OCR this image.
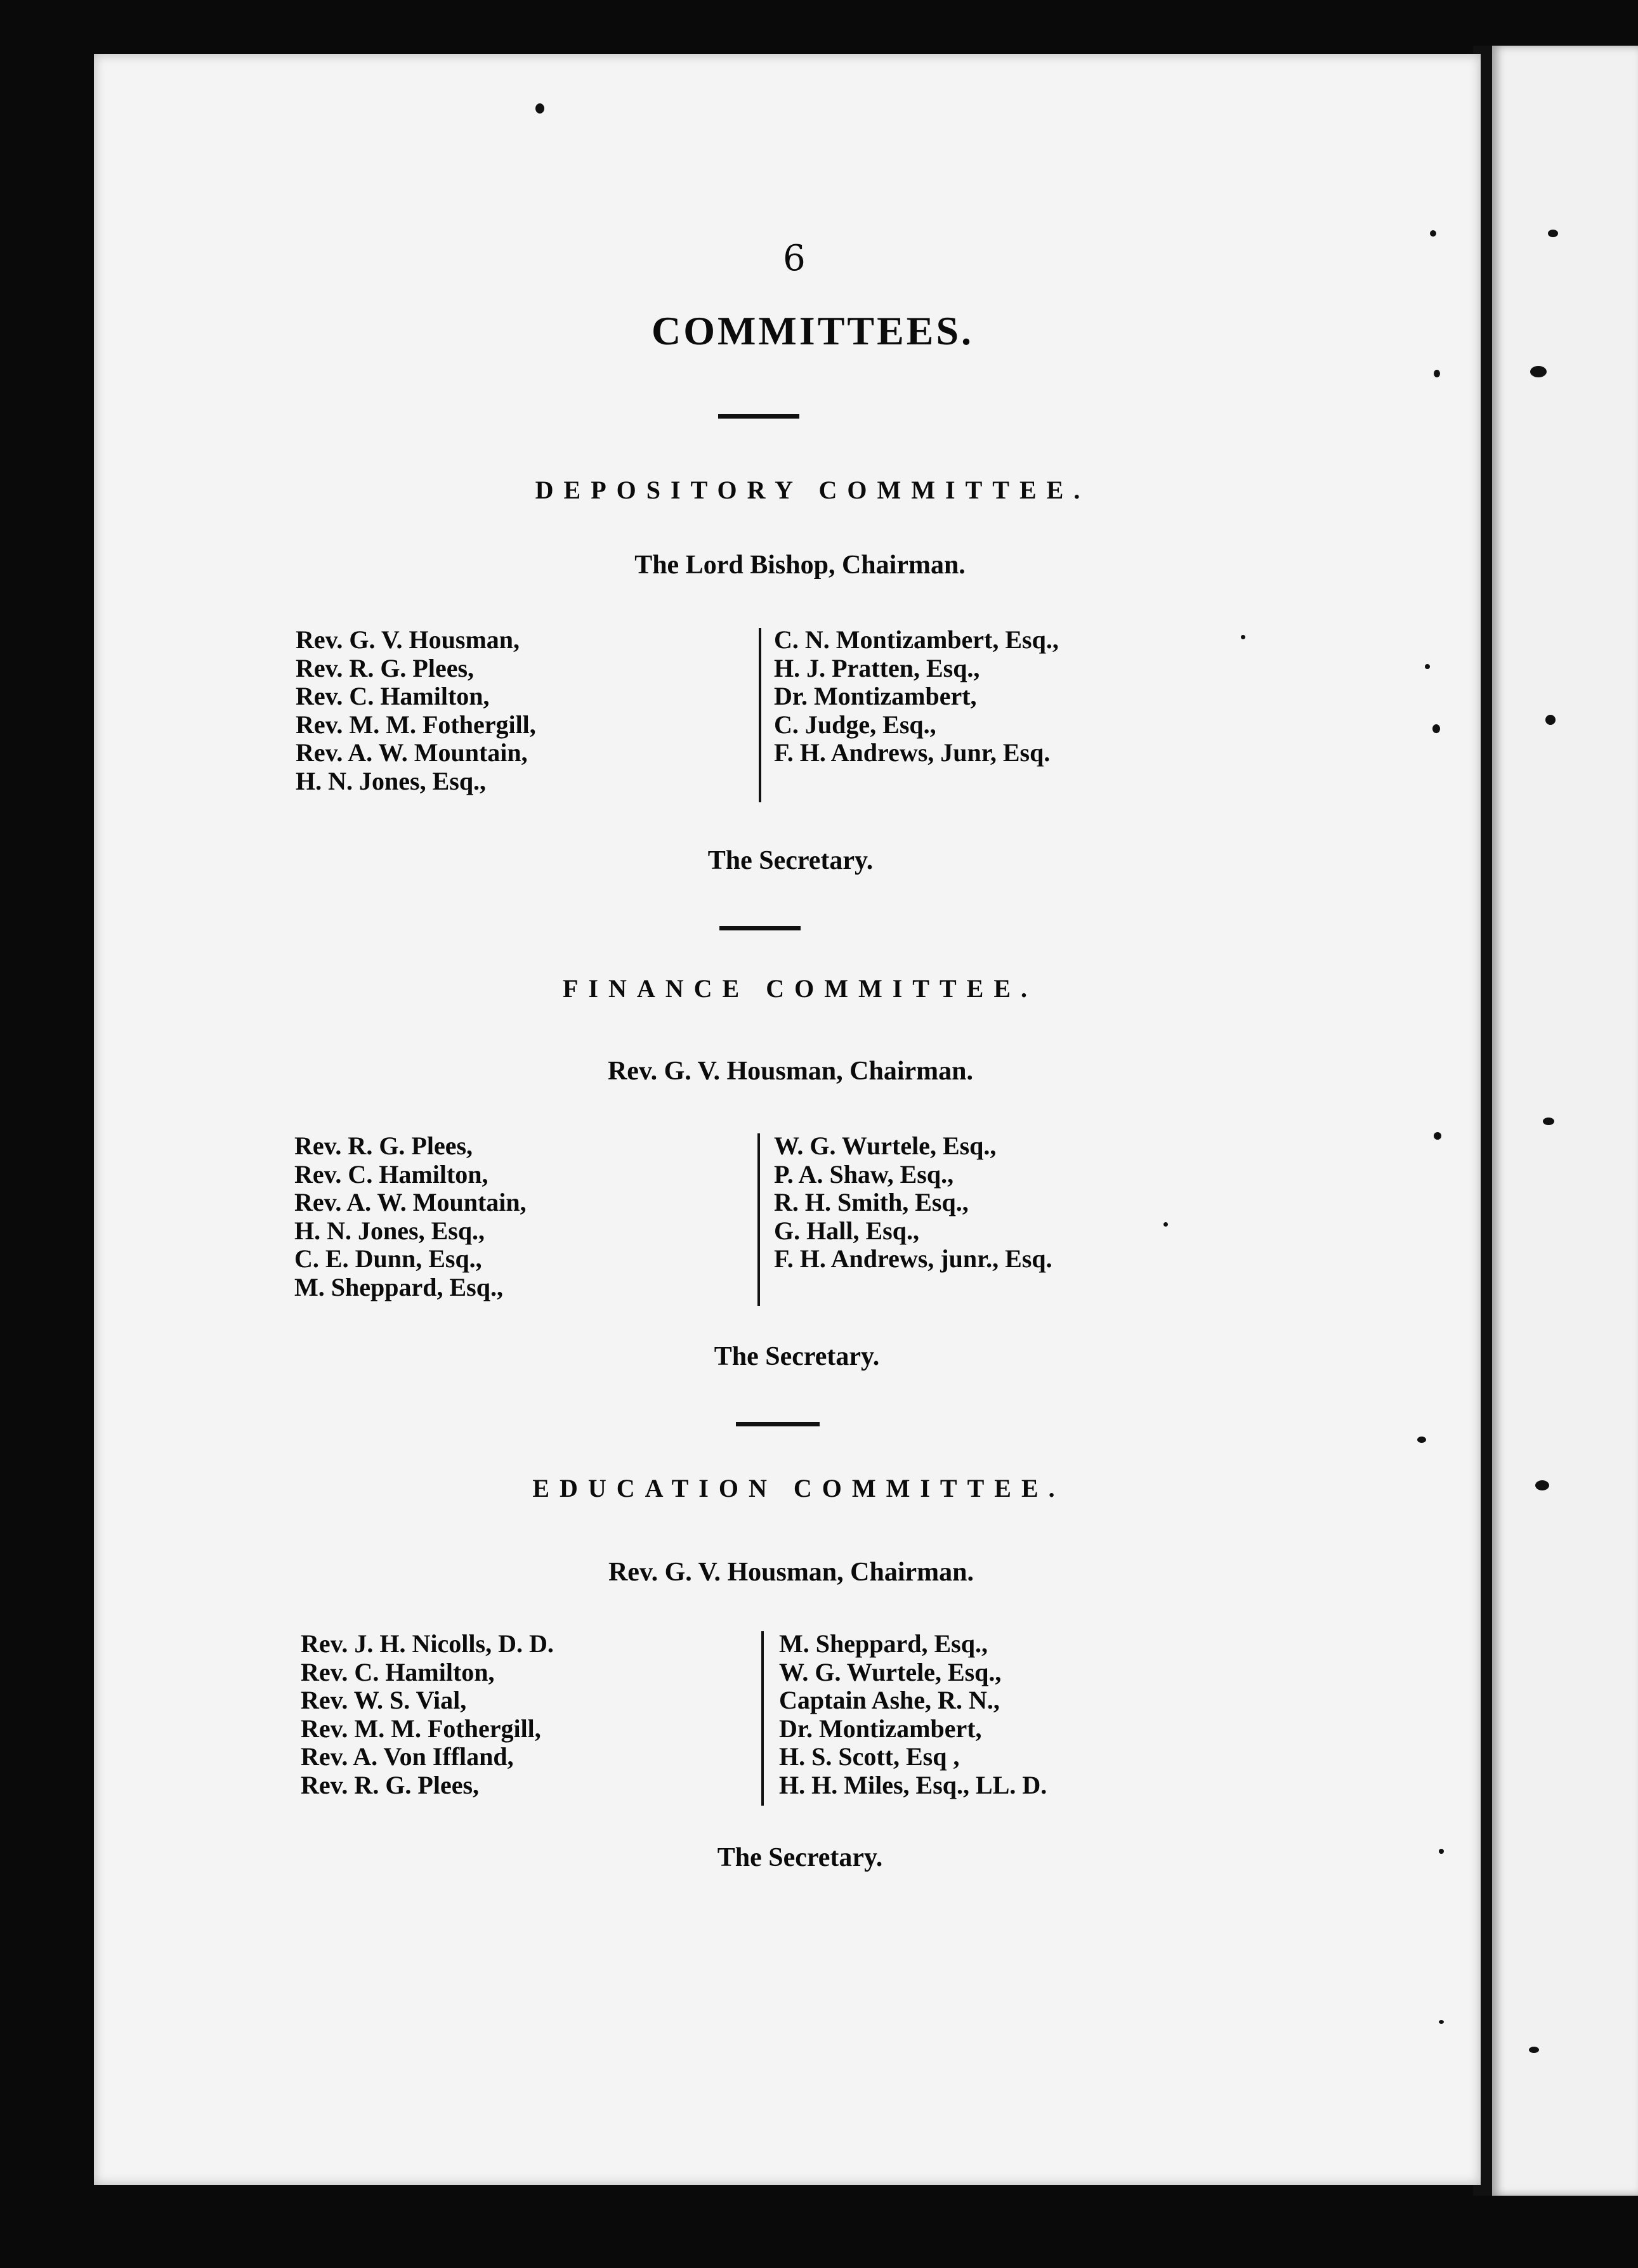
6
COMMITTEES.
DEPOSITORY COMMITTEE.
The Lord Bishop, Chairman.
Rev. G. V. Housman,
Rev. R. G. Plees,
Rev. C. Hamilton,
Rev. M. M. Fothergill,
Rev. A. W. Mountain,
H. N. Jones, Esq.,
C. N. Montizambert, Esq.,
H. J. Pratten, Esq.,
Dr. Montizambert,
C. Judge, Esq.,
F. H. Andrews, Junr, Esq.
The Secretary.
FINANCE COMMITTEE.
Rev. G. V. Housman, Chairman.
Rev. R. G. Plees,
Rev. C. Hamilton,
Rev. A. W. Mountain,
H. N. Jones, Esq.,
C. E. Dunn, Esq.,
M. Sheppard, Esq.,
W. G. Wurtele, Esq.,
P. A. Shaw, Esq.,
R. H. Smith, Esq.,
G. Hall, Esq.,
F. H. Andrews, junr., Esq.
The Secretary.
EDUCATION COMMITTEE.
Rev. G. V. Housman, Chairman.
Rev. J. H. Nicolls, D. D.
Rev. C. Hamilton,
Rev. W. S. Vial,
Rev. M. M. Fothergill,
Rev. A. Von Iffland,
Rev. R. G. Plees,
M. Sheppard, Esq.,
W. G. Wurtele, Esq.,
Captain Ashe, R. N.,
Dr. Montizambert,
H. S. Scott, Esq ,
H. H. Miles, Esq., LL. D.
The Secretary.
